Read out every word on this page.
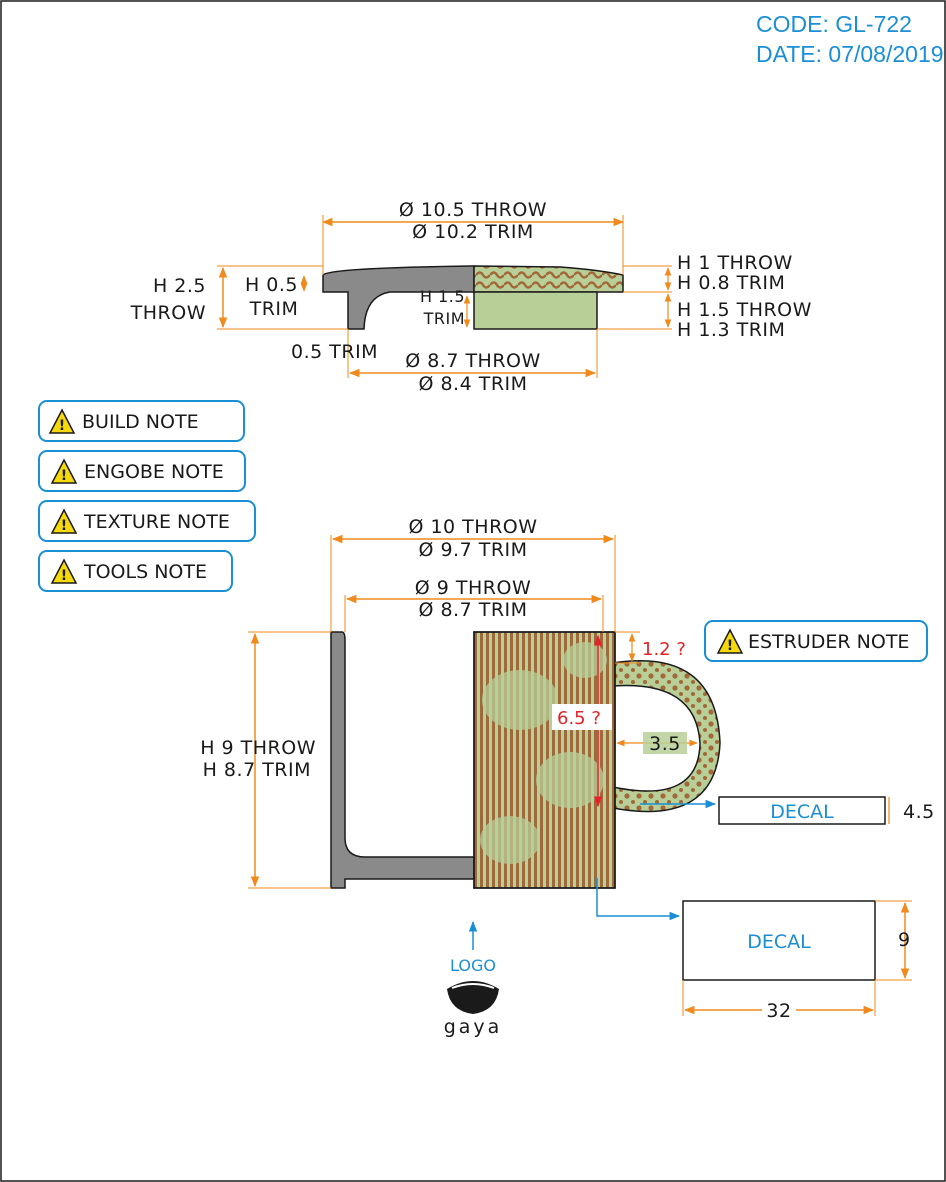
CODE: GL-722
DATE: 07/08/2019
Ø 10.5 THROW
Ø 10.2 TRIM
H 1 THROW
H 0.8 TRIM
H 1.5 THROW
H 1.3 TRIM
H 2.5
THROW
H 0.5
TRIM
H 1.5
TRIM
0.5 TRIM Ø 8.7 THROW
Ø 8.4 TRIM
! BUILD NOTE
! ENGOBE NOTE
! TEXTURE NOTE
! TOOLS NOTE
! ESTRUDER NOTE
Ø 10 THROW
Ø 9.7 TRIM
Ø 9 THROW
Ø 8.7 TRIM
H 9 THROW
H 8.7 TRIM
1.2 ?
6.5 ?
3.5
DECAL	4.5
DECAL	9
32
LOGO
gaya
